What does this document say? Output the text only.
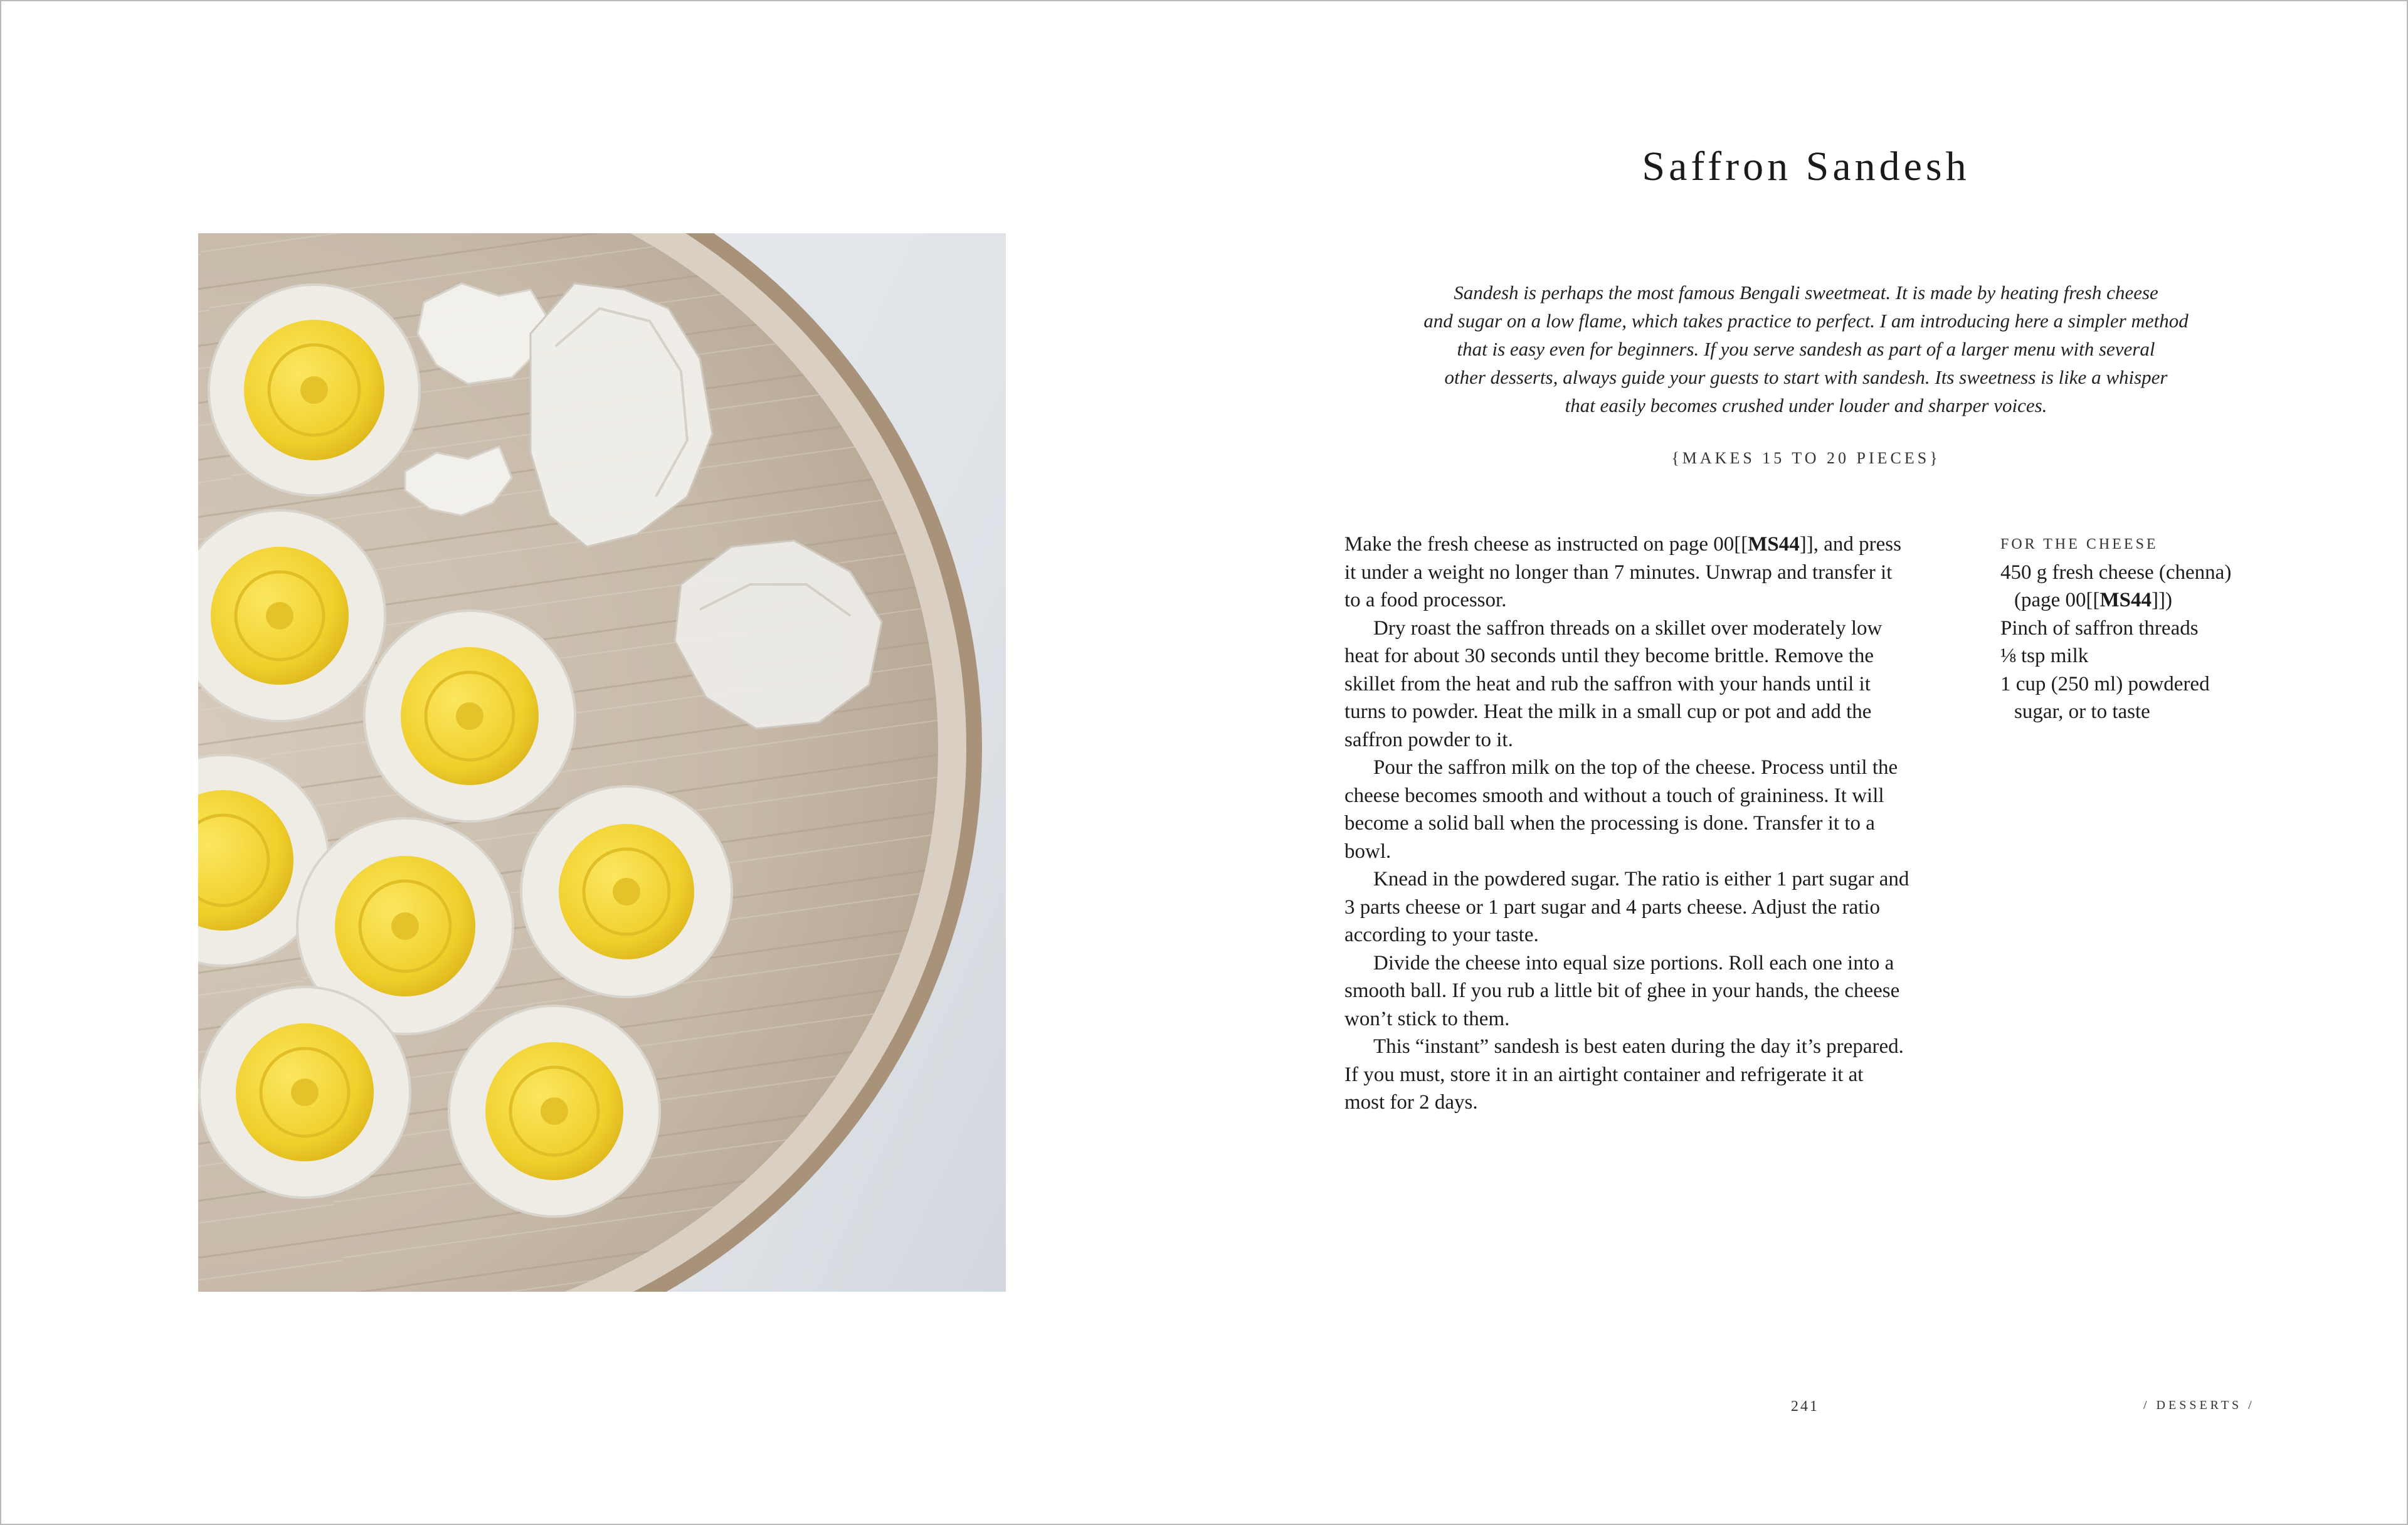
Saffron Sandesh
Sandesh is perhaps the most famous Bengali sweetmeat. It is made by heating fresh cheese
and sugar on a low flame, which takes practice to perfect. I am introducing here a simpler method
that is easy even for beginners. If you serve sandesh as part of a larger menu with several
other desserts, always guide your guests to start with sandesh. Its sweetness is like a whisper
that easily becomes crushed under louder and sharper voices.
{MAKES 15 TO 20 PIECES}
Make the fresh cheese as instructed on page 00[[MS44]], and press
it under a weight no longer than 7 minutes. Unwrap and transfer it
to a food processor.
Dry roast the saffron threads on a skillet over moderately low
heat for about 30 seconds until they become brittle. Remove the
skillet from the heat and rub the saffron with your hands until it
turns to powder. Heat the milk in a small cup or pot and add the
saffron powder to it.
Pour the saffron milk on the top of the cheese. Process until the
cheese becomes smooth and without a touch of graininess. It will
become a solid ball when the processing is done. Transfer it to a
bowl.
Knead in the powdered sugar. The ratio is either 1 part sugar and
3 parts cheese or 1 part sugar and 4 parts cheese. Adjust the ratio
according to your taste.
Divide the cheese into equal size portions. Roll each one into a
smooth ball. If you rub a little bit of ghee in your hands, the cheese
won’t stick to them.
This “instant” sandesh is best eaten during the day it’s prepared.
If you must, store it in an airtight container and refrigerate it at
most for 2 days.
FOR THE CHEESE
450 g fresh cheese (chenna)
(page 00[[MS44]])
Pinch of saffron threads
⅛ tsp milk
1 cup (250 ml) powdered
sugar, or to taste
241	/ DESSERTS /
